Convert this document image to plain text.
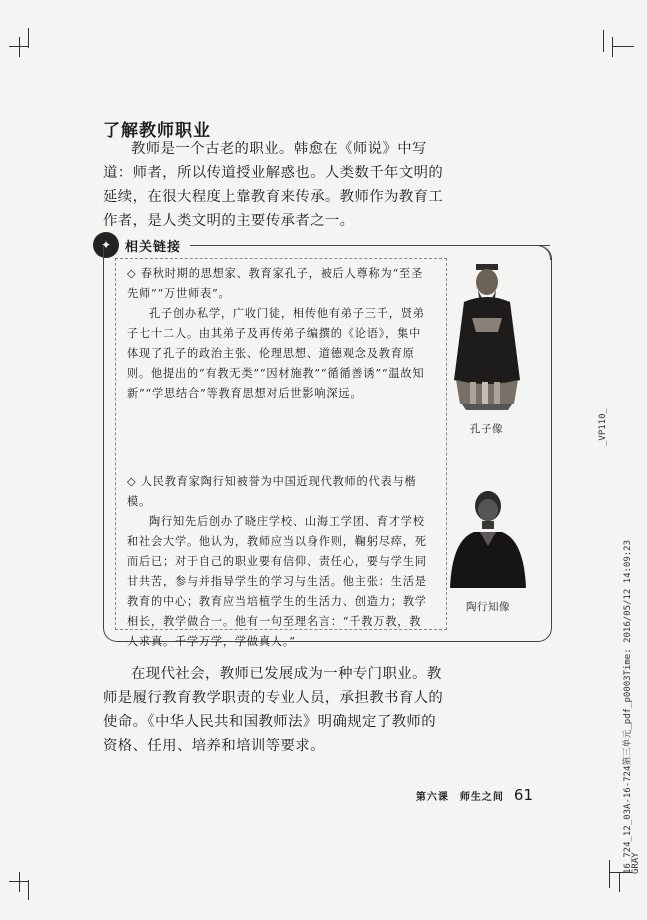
了解教师职业
教师是一个古老的职业。韩愈在《师说》中写道：师者，所以传道授业解惑也。人类数千年文明的延续，在很大程度上靠教育来传承。教师作为教育工作者，是人类文明的主要传承者之一。
✦	相关链接

◇ 春秋时期的思想家、教育家孔子，被后人尊称为“至圣先师”“万世师表”。

孔子创办私学，广收门徒，相传他有弟子三千，贤弟子七十二人。由其弟子及再传弟子编撰的《论语》，集中体现了孔子的政治主张、伦理思想、道德观念及教育原则。他提出的“有教无类”“因材施教”“循循善诱”“温故知新”“学思结合”等教育思想对后世影响深远。

孔子像

◇ 人民教育家陶行知被誉为中国近现代教师的代表与楷模。

陶行知先后创办了晓庄学校、山海工学团、育才学校和社会大学。他认为，教师应当以身作则，鞠躬尽瘁，死而后已；对于自己的职业要有信仰、责任心，要与学生同甘共苦，参与并指导学生的学习与生活。他主张：生活是教育的中心；教育应当培植学生的生活力、创造力；教学相长，教学做合一。他有一句至理名言：“千教万教，教人求真。千学万学，学做真人。”

陶行知像
在现代社会，教师已发展成为一种专门职业。教师是履行教育教学职责的专业人员，承担教书育人的使命。《中华人民共和国教师法》明确规定了教师的资格、任用、培养和培训等要求。
第六课　师生之间 61
_VP110_
16_724_12_03A-16-724第三单元_pdf_p0003Time: 2016/05/12 14:09:23
GRAY
